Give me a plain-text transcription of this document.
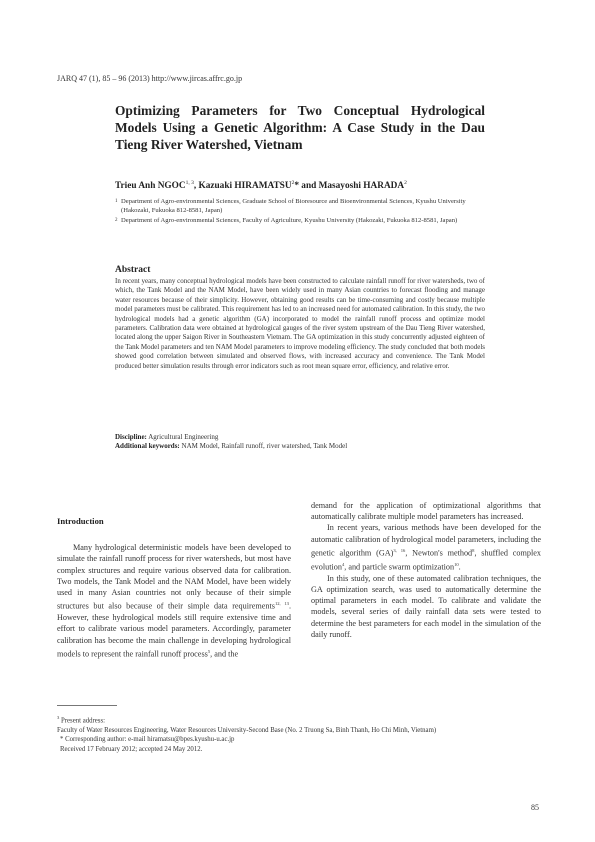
JARQ 47 (1), 85 – 96 (2013) http://www.jircas.affrc.go.jp
Optimizing Parameters for Two Conceptual Hydrological Models Using a Genetic Algorithm: A Case Study in the Dau Tieng River Watershed, Vietnam
Trieu Anh NGOC$^{1, 3}$, Kazuaki HIRAMATSU$^2$* and Masayoshi HARADA$^2$
1 Department of Agro-environmental Sciences, Graduate School of Bioresource and Bioenvironmental Sciences, Kyushu University (Hakozaki, Fukuoka 812-8581, Japan)
2 Department of Agro-environmental Sciences, Faculty of Agriculture, Kyushu University (Hakozaki, Fukuoka 812-8581, Japan)
Abstract
In recent years, many conceptual hydrological models have been constructed to calculate rainfall runoff for river watersheds, two of which, the Tank Model and the NAM Model, have been widely used in many Asian countries to forecast flooding and manage water resources because of their simplicity. However, obtaining good results can be time-consuming and costly because multiple model parameters must be calibrated. This requirement has led to an increased need for automated calibration. In this study, the two hydrological models had a genetic algorithm (GA) incorporated to model the rainfall runoff process and optimize model parameters. Calibration data were obtained at hydrological gauges of the river system upstream of the Dau Tieng River watershed, located along the upper Saigon River in Southeastern Vietnam. The GA optimization in this study concurrently adjusted eighteen of the Tank Model parameters and ten NAM Model parameters to improve modeling efficiency. The study concluded that both models showed good correlation between simulated and observed flows, with increased accuracy and convenience. The Tank Model produced better simulation results through error indicators such as root mean square error, efficiency, and relative error.
Discipline: Agricultural Engineering
Additional keywords: NAM Model, Rainfall runoff, river watershed, Tank Model

Introduction

Many hydrological deterministic models have been developed to simulate the rainfall runoff process for river watersheds, but most have complex structures and require various observed data for calibration. Two models, the Tank Model and the NAM Model, have been widely used in many Asian countries not only because of their simple structures but also because of their simple data requirements$^{12, 13}$. However, these hydrological models still require extensive time and effort to calibrate various model parameters. Accordingly, parameter calibration has become the main challenge in developing hydrological models to represent the rainfall runoff process$^5$, and the

demand for the application of optimizational algorithms that automatically calibrate multiple model parameters has increased.

In recent years, various methods have been developed for the automatic calibration of hydrological model parameters, including the genetic algorithm (GA)$^{3, 16}$, Newton's method$^8$, shuffled complex evolution$^4$, and particle swarm optimization$^{10}$.

In this study, one of these automated calibration techniques, the GA optimization search, was used to automatically determine the optimal parameters in each model. To calibrate and validate the models, several series of daily rainfall data sets were tested to determine the best parameters for each model in the simulation of the daily runoff.

$^3$ Present address:
Faculty of Water Resources Engineering, Water Resources University-Second Base (No. 2 Truong Sa, Binh Thanh, Ho Chi Minh, Vietnam)
* Corresponding author: e-mail hiramatsu@bpes.kyushu-u.ac.jp
Received 17 February 2012; accepted 24 May 2012.
85
